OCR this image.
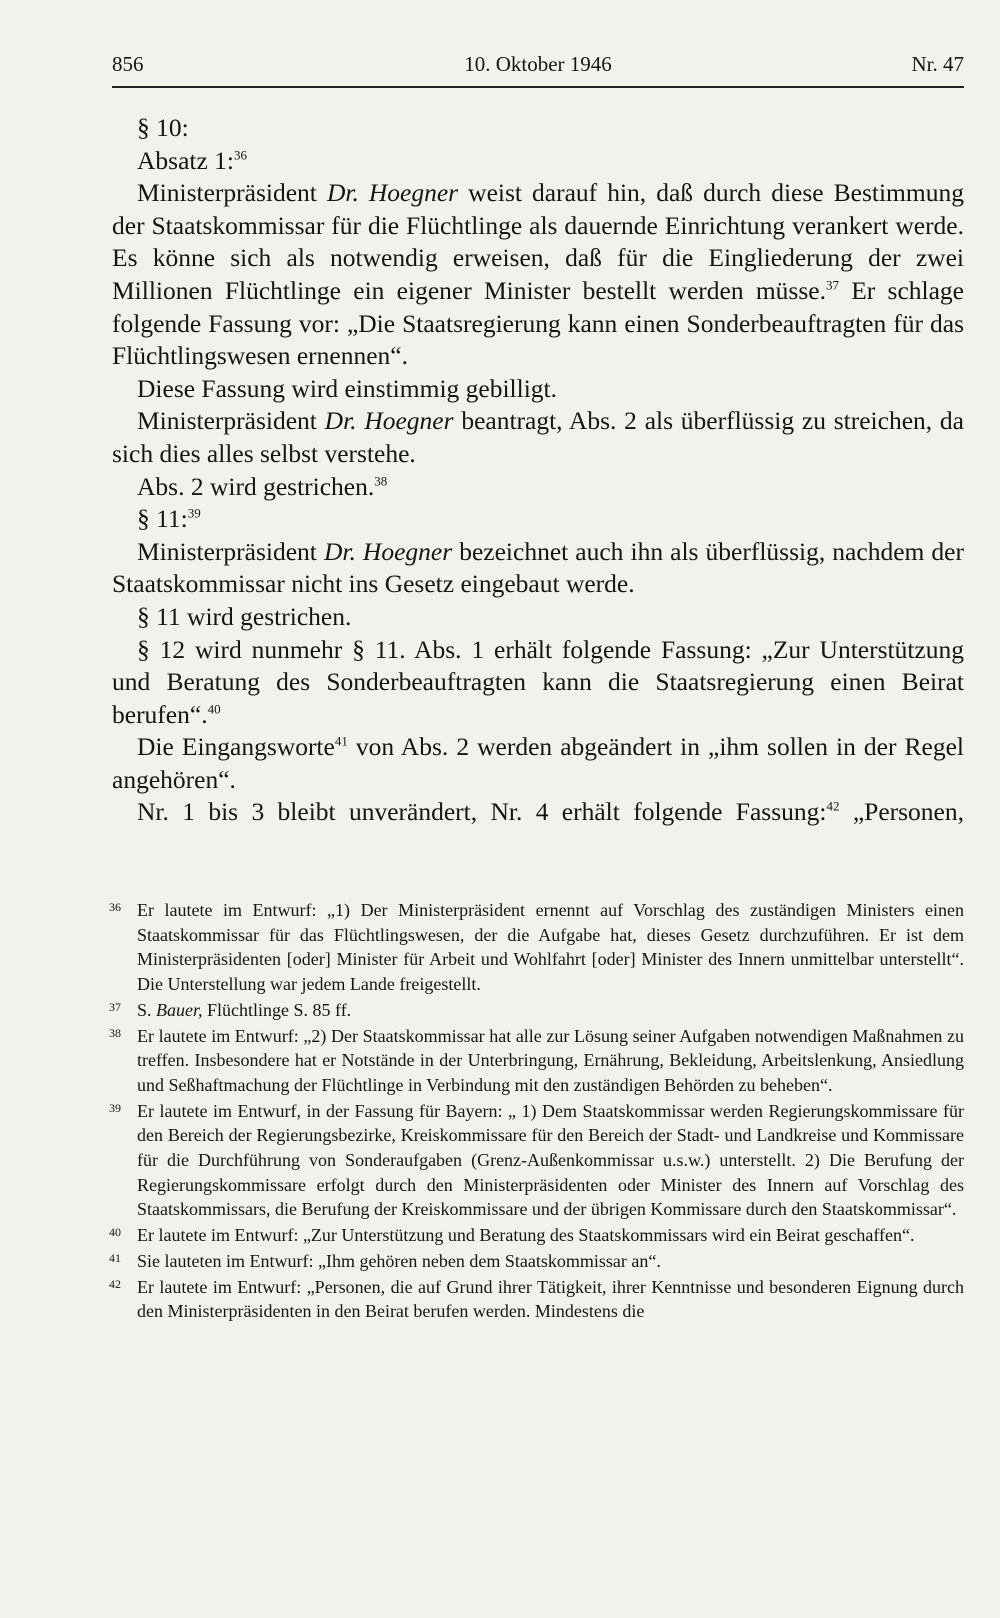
856	10. Oktober 1946	Nr. 47

§ 10:

Absatz 1:$^{36}$

Ministerpräsident Dr. Hoegner weist darauf hin, daß durch diese Bestimmung der Staatskommissar für die Flüchtlinge als dauernde Einrichtung verankert werde. Es könne sich als notwendig erweisen, daß für die Eingliederung der zwei Millionen Flüchtlinge ein eigener Minister bestellt werden müsse.$^{37}$ Er schlage folgende Fassung vor: „Die Staatsregierung kann einen Sonderbeauftragten für das Flüchtlingswesen ernennen“.

Diese Fassung wird einstimmig gebilligt.

Ministerpräsident Dr. Hoegner beantragt, Abs. 2 als überflüssig zu streichen, da sich dies alles selbst verstehe.

Abs. 2 wird gestrichen.$^{38}$

§ 11:$^{39}$

Ministerpräsident Dr. Hoegner bezeichnet auch ihn als überflüssig, nachdem der Staatskommissar nicht ins Gesetz eingebaut werde.

§ 11 wird gestrichen.

§ 12 wird nunmehr § 11. Abs. 1 erhält folgende Fassung: „Zur Unterstützung und Beratung des Sonderbeauftragten kann die Staatsregierung einen Beirat berufen“.$^{40}$

Die Eingangsworte$^{41}$ von Abs. 2 werden abgeändert in „ihm sollen in der Regel angehören“.

Nr. 1 bis 3 bleibt unverändert, Nr. 4 erhält folgende Fassung:$^{42}$ „Personen,

36 Er lautete im Entwurf: „1) Der Ministerpräsident ernennt auf Vorschlag des zuständigen Ministers einen Staatskommissar für das Flüchtlingswesen, der die Aufgabe hat, dieses Gesetz durchzuführen. Er ist dem Ministerpräsidenten [oder] Minister für Arbeit und Wohlfahrt [oder] Minister des Innern unmittelbar unterstellt“. Die Unterstellung war jedem Lande freigestellt.

37 S. Bauer, Flüchtlinge S. 85 ff.

38 Er lautete im Entwurf: „2) Der Staatskommissar hat alle zur Lösung seiner Aufgaben notwendigen Maßnahmen zu treffen. Insbesondere hat er Notstände in der Unterbringung, Ernährung, Bekleidung, Arbeitslenkung, Ansiedlung und Seßhaftmachung der Flüchtlinge in Verbindung mit den zuständigen Behörden zu beheben“.

39 Er lautete im Entwurf, in der Fassung für Bayern: „ 1) Dem Staatskommissar werden Regierungskommissare für den Bereich der Regierungsbezirke, Kreiskommissare für den Bereich der Stadt- und Landkreise und Kommissare für die Durchführung von Sonderaufgaben (Grenz-Außenkommissar u.s.w.) unterstellt. 2) Die Berufung der Regierungskommissare erfolgt durch den Ministerpräsidenten oder Minister des Innern auf Vorschlag des Staatskommissars, die Berufung der Kreiskommissare und der übrigen Kommissare durch den Staatskommissar“.

40 Er lautete im Entwurf: „Zur Unterstützung und Beratung des Staatskommissars wird ein Beirat geschaffen“.

41 Sie lauteten im Entwurf: „Ihm gehören neben dem Staatskommissar an“.

42 Er lautete im Entwurf: „Personen, die auf Grund ihrer Tätigkeit, ihrer Kenntnisse und besonderen Eignung durch den Ministerpräsidenten in den Beirat berufen werden. Mindestens die
